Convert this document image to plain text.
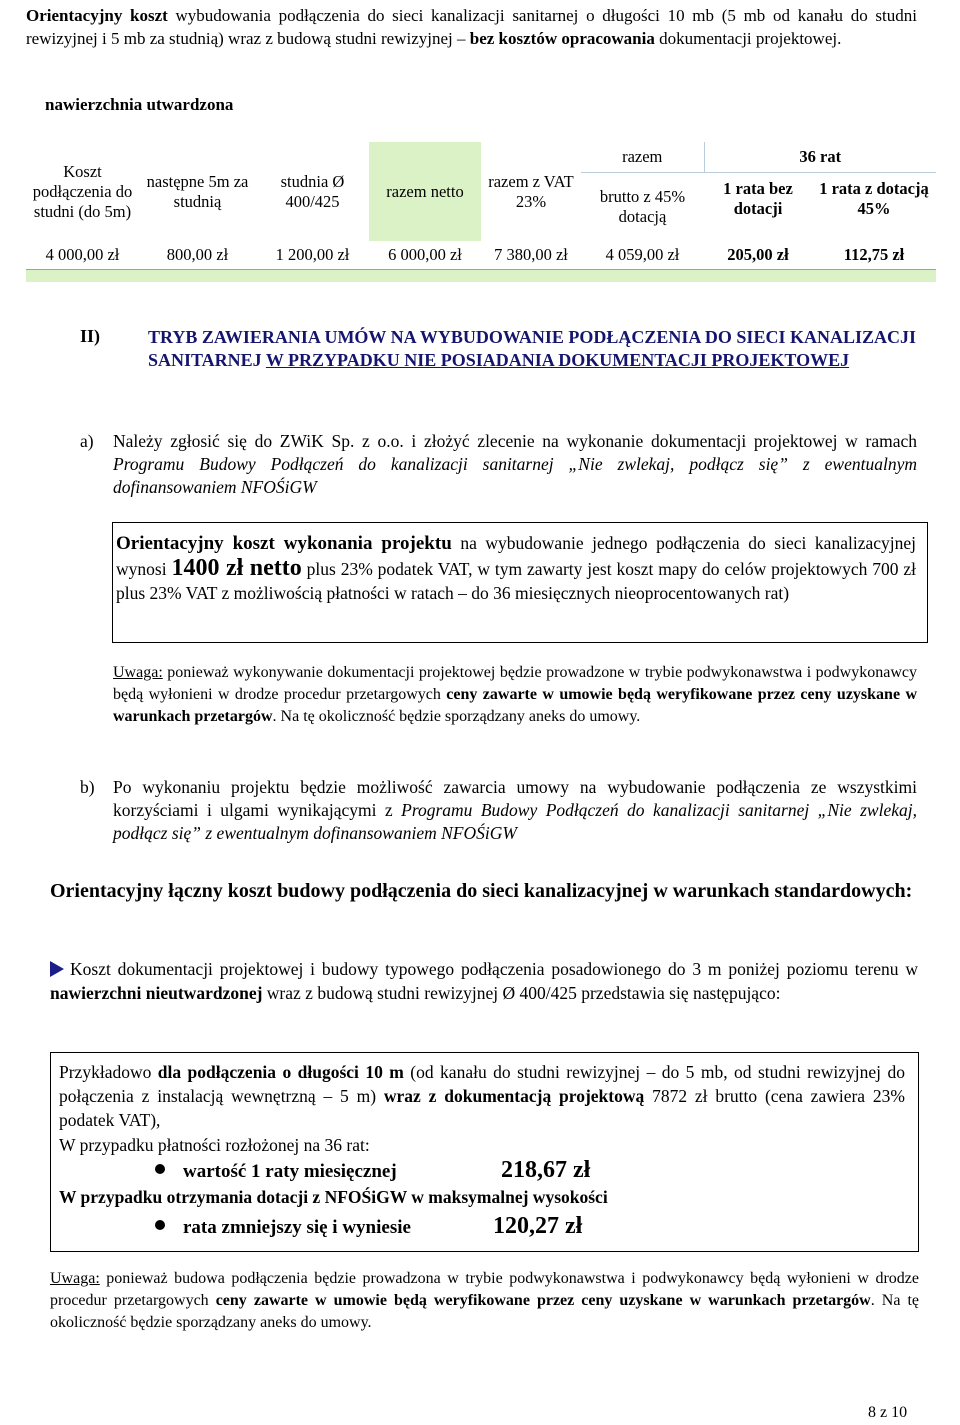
Orientacyjny koszt wybudowania podłączenia do sieci kanalizacji sanitarnej o długości 10 mb (5 mb od kanału do studni rewizyjnej i 5 mb za studnią) wraz z budową studni rewizyjnej – bez kosztów opracowania dokumentacji projektowej.

nawierzchnia utwardzona
Koszt podłączenia do studni (do 5m)	następne 5m za studnią	studnia Ø 400/425	razem netto	razem z VAT 23%	razem	36 rat	
					brutto z 45% dotacją	1 rata bez dotacji	1 rata z dotacją 45%

4 000,00 zł	800,00 zł	1 200,00 zł	6 000,00 zł	7 380,00 zł	4 059,00 zł	205,00 zł	112,75 zł

II)	TRYB ZAWIERANIA UMÓW NA WYBUDOWANIE PODŁĄCZENIA DO SIECI KANALIZACJI SANITARNEJ W PRZYPADKU NIE POSIADANIA DOKUMENTACJI PROJEKTOWEJ

a) Należy zgłosić się do ZWiK Sp. z o.o. i złożyć zlecenie na wykonanie dokumentacji projektowej w ramach Programu Budowy Podłączeń do kanalizacji sanitarnej „Nie zwlekaj, podłącz się” z ewentualnym dofinansowaniem NFOŚiGW

Orientacyjny koszt wykonania projektu na wybudowanie jednego podłączenia do sieci kanalizacyjnej wynosi 1400 zł netto plus 23% podatek VAT, w tym zawarty jest koszt mapy do celów projektowych 700 zł plus 23% VAT z możliwością płatności w ratach – do 36 miesięcznych nieoprocentowanych rat)

Uwaga: ponieważ wykonywanie dokumentacji projektowej będzie prowadzone w trybie podwykonawstwa i podwykonawcy będą wyłonieni w drodze procedur przetargowych ceny zawarte w umowie będą weryfikowane przez ceny uzyskane w warunkach przetargów. Na tę okoliczność będzie sporządzany aneks do umowy.

b) Po wykonaniu projektu będzie możliwość zawarcia umowy na wybudowanie podłączenia ze wszystkimi korzyściami i ulgami wynikającymi z Programu Budowy Podłączeń do kanalizacji sanitarnej „Nie zwlekaj, podłącz się” z ewentualnym dofinansowaniem NFOŚiGW

Orientacyjny łączny koszt budowy podłączenia do sieci kanalizacyjnej w warunkach standardowych:

Koszt dokumentacji projektowej i budowy typowego podłączenia posadowionego do 3 m poniżej poziomu terenu w nawierzchni nieutwardzonej wraz z budową studni rewizyjnej Ø 400/425 przedstawia się następująco:

Przykładowo dla podłączenia o długości 10 m (od kanału do studni rewizyjnej – do 5 mb, od studni rewizyjnej do połączenia z instalacją wewnętrzną – 5 m) wraz z dokumentacją projektową 7872 zł brutto (cena zawiera 23% podatek VAT),

W przypadku płatności rozłożonej na 36 rat:
wartość 1 raty miesięcznej	218,67 zł
W przypadku otrzymania dotacji z NFOŚiGW w maksymalnej wysokości
rata zmniejszy się i wyniesie	120,27 zł

Uwaga: ponieważ budowa podłączenia będzie prowadzona w trybie podwykonawstwa i podwykonawcy będą wyłonieni w drodze procedur przetargowych ceny zawarte w umowie będą weryfikowane przez ceny uzyskane w warunkach przetargów. Na tę okoliczność będzie sporządzany aneks do umowy.

8 z 10
